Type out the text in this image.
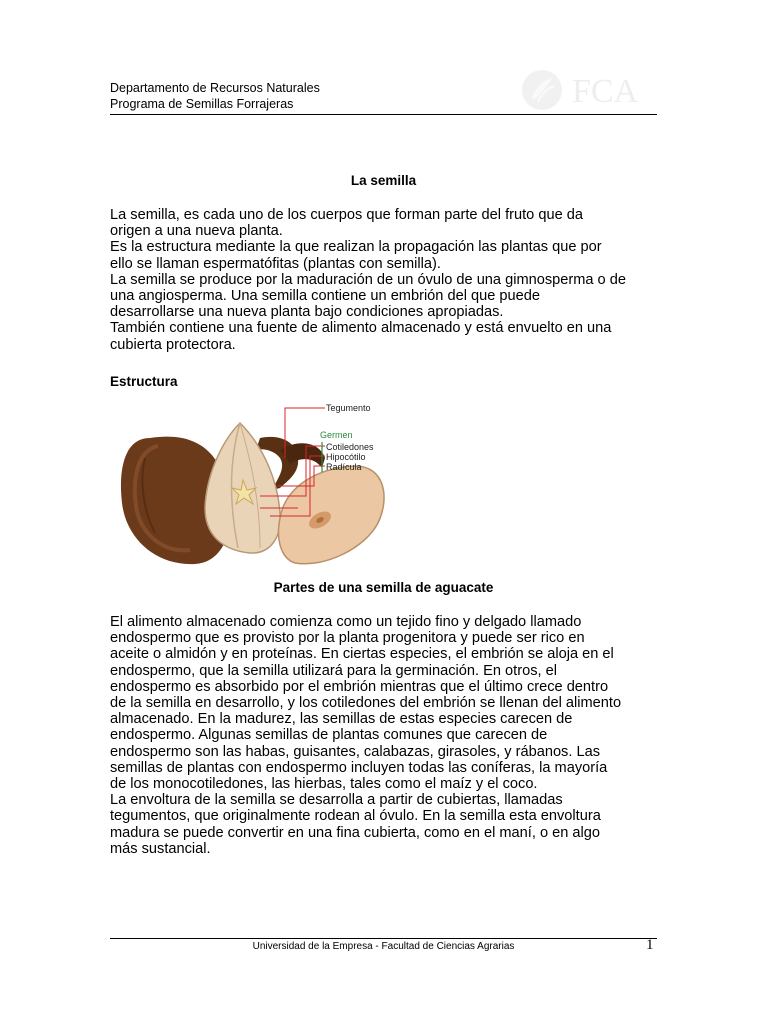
Departamento de Recursos Naturales
Programa de Semillas Forrajeras	FCA
La semilla
La semilla, es cada uno de los cuerpos que forman parte del fruto que da
origen a una nueva planta.
Es la estructura mediante la que realizan la propagación las plantas que por
ello se llaman espermatófitas (plantas con semilla).
La semilla se produce por la maduración de un óvulo de una gimnosperma o de
una angiosperma. Una semilla contiene un embrión del que puede
desarrollarse una nueva planta bajo condiciones apropiadas.
También contiene una fuente de alimento almacenado y está envuelto en una
cubierta protectora.
Estructura
Tegumento
Germen
Cotiledones
Hipocótilo
Radícula
Partes de una semilla de aguacate
El alimento almacenado comienza como un tejido fino y delgado llamado
endospermo que es provisto por la planta progenitora y puede ser rico en
aceite o almidón y en proteínas. En ciertas especies, el embrión se aloja en el
endospermo, que la semilla utilizará para la germinación. En otros, el
endospermo es absorbido por el embrión mientras que el último crece dentro
de la semilla en desarrollo, y los cotiledones del embrión se llenan del alimento
almacenado. En la madurez, las semillas de estas especies carecen de
endospermo. Algunas semillas de plantas comunes que carecen de
endospermo son las habas, guisantes, calabazas, girasoles, y rábanos. Las
semillas de plantas con endospermo incluyen todas las coníferas, la mayoría
de los monocotiledones, las hierbas, tales como el maíz y el coco.
La envoltura de la semilla se desarrolla a partir de cubiertas, llamadas
tegumentos, que originalmente rodean al óvulo. En la semilla esta envoltura
madura se puede convertir en una fina cubierta, como en el maní, o en algo
más sustancial.
Universidad de la Empresa - Facultad de Ciencias Agrarias	1
